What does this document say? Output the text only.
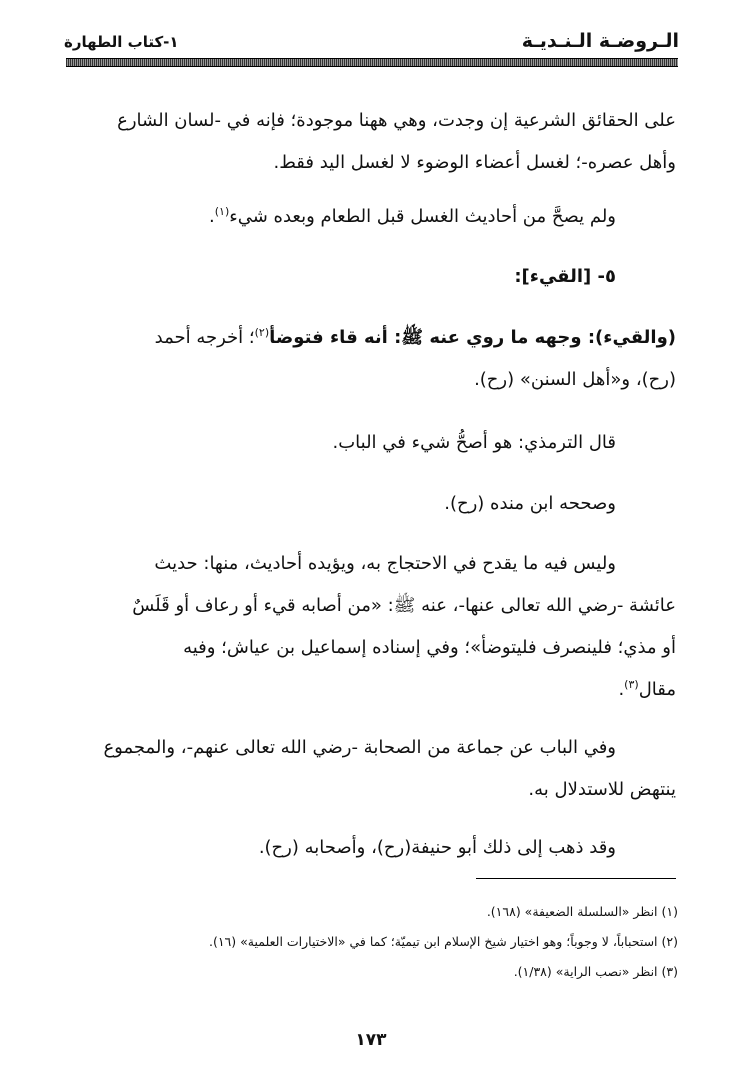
الـروضـة الـنـديـة
١-كتاب الطهارة
على الحقائق الشرعية إن وجدت، وهي ههنا موجودة؛ فإنه في -لسان الشارع
وأهل عصره-؛ لغسل أعضاء الوضوء لا لغسل اليد فقط.
ولم يصحَّ من أحاديث الغسل قبل الطعام وبعده شيء$^{(١)}$.
٥- [القيء]:
(والقيء): وجهه ما روي عنه ﷺ: أنه قاء فتوضأ$^{(٢)}$؛ أخرجه أحمد
(رح)، و«أهل السنن» (رح).
قال الترمذي: هو أصحُّ شيء في الباب.
وصححه ابن منده (رح).
وليس فيه ما يقدح في الاحتجاج به، ويؤيده أحاديث، منها: حديث
عائشة -رضي الله تعالى عنها-، عنه ﷺ: «من أصابه قيء أو رعاف أو قَلَسٌ
أو مذي؛ فلينصرف فليتوضأ»؛ وفي إسناده إسماعيل بن عياش؛ وفيه
مقال$^{(٣)}$.
وفي الباب عن جماعة من الصحابة -رضي الله تعالى عنهم-، والمجموع
ينتهض للاستدلال به.
وقد ذهب إلى ذلك أبو حنيفة(رح)، وأصحابه (رح).
(١) انظر «السلسلة الضعيفة» (١٦٨).
(٢) استحباباً، لا وجوباً؛ وهو اختيار شيخ الإسلام ابن تيميّة؛ كما في «الاختيارات العلمية» (١٦).
(٣) انظر «نصب الراية» (١/٣٨).
١٧٣
